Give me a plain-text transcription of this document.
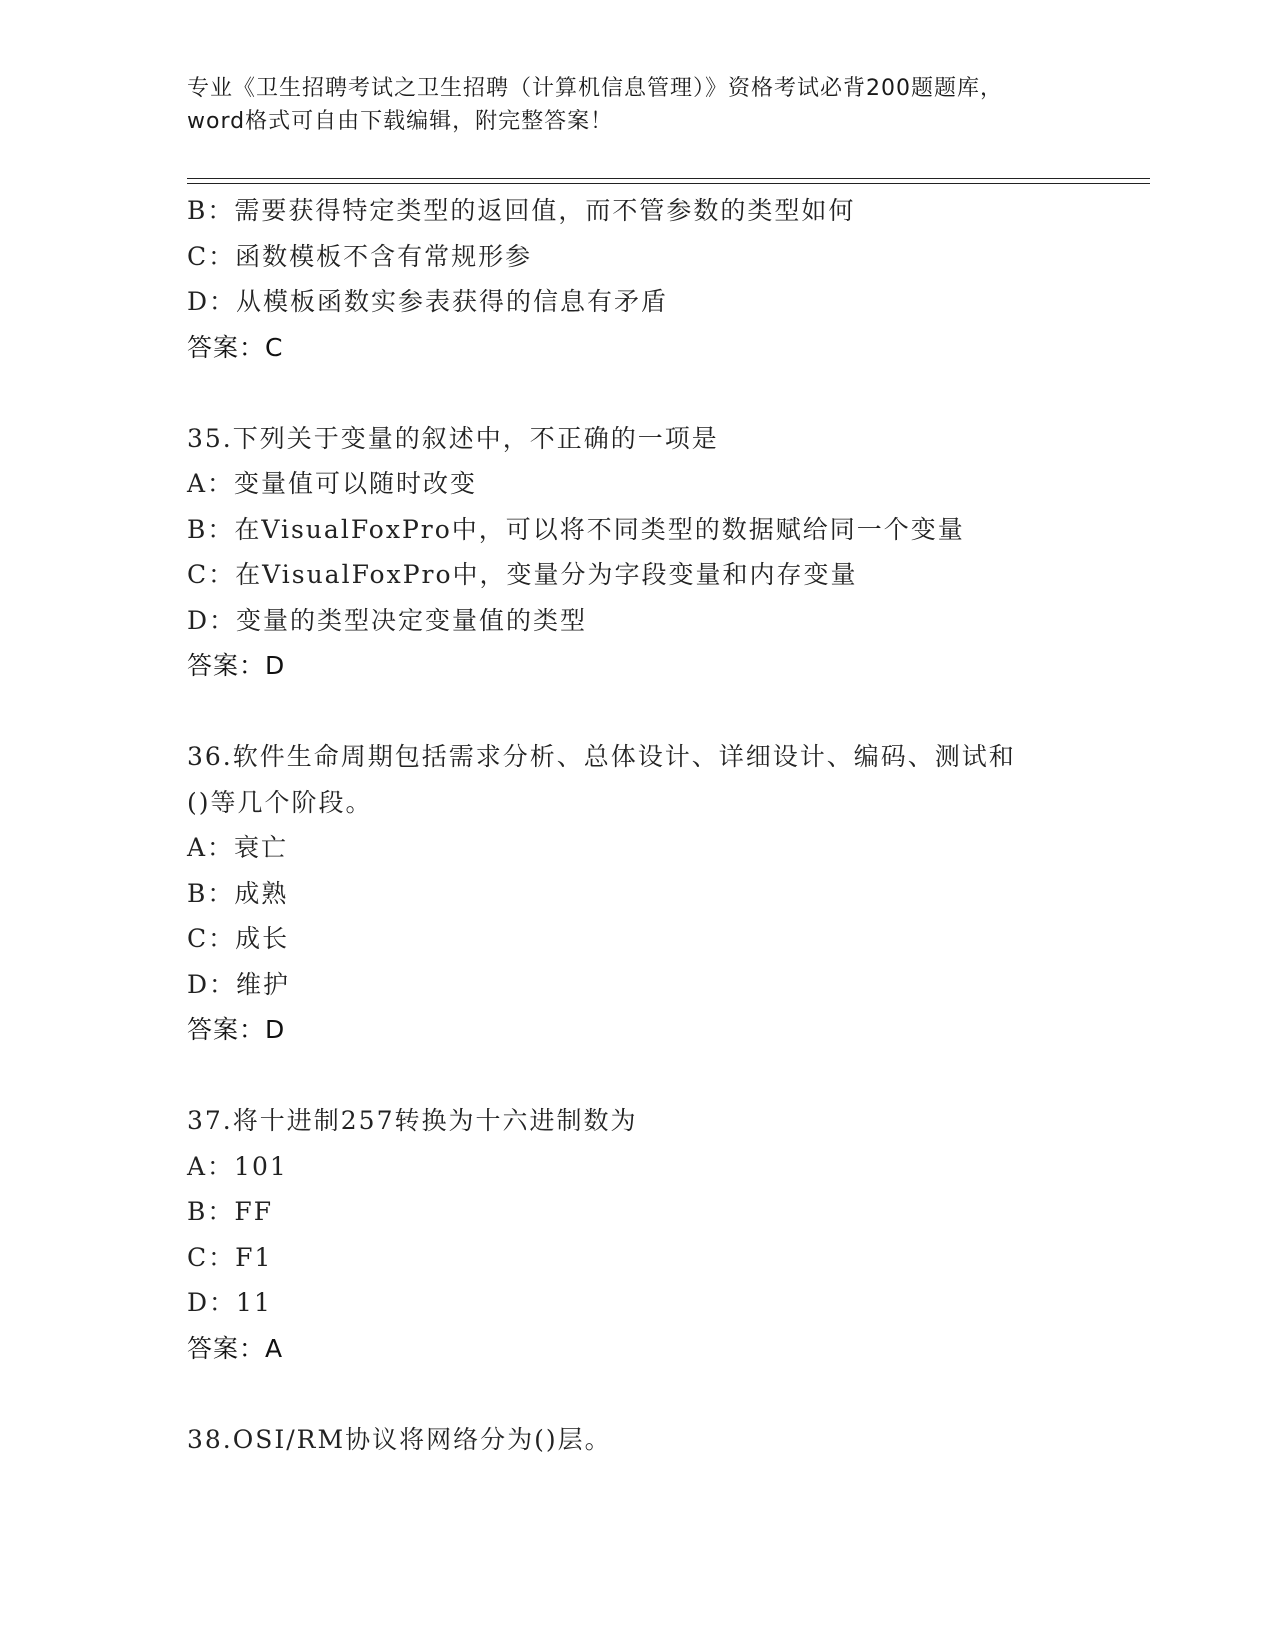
专业《卫生招聘考试之卫生招聘（计算机信息管理）》资格考试必背200题题库，
word格式可自由下载编辑，附完整答案！
B：需要获得特定类型的返回值，而不管参数的类型如何
C：函数模板不含有常规形参
D：从模板函数实参表获得的信息有矛盾
答案：C
35.下列关于变量的叙述中，不正确的一项是
A：变量值可以随时改变
B：在VisualFoxPro中，可以将不同类型的数据赋给同一个变量
C：在VisualFoxPro中，变量分为字段变量和内存变量
D：变量的类型决定变量值的类型
答案：D
36.软件生命周期包括需求分析、总体设计、详细设计、编码、测试和
()等几个阶段。
A：衰亡
B：成熟
C：成长
D：维护
答案：D
37.将十进制257转换为十六进制数为
A：101
B：FF
C：F1
D：11
答案：A
38.OSI/RM协议将网络分为()层。
